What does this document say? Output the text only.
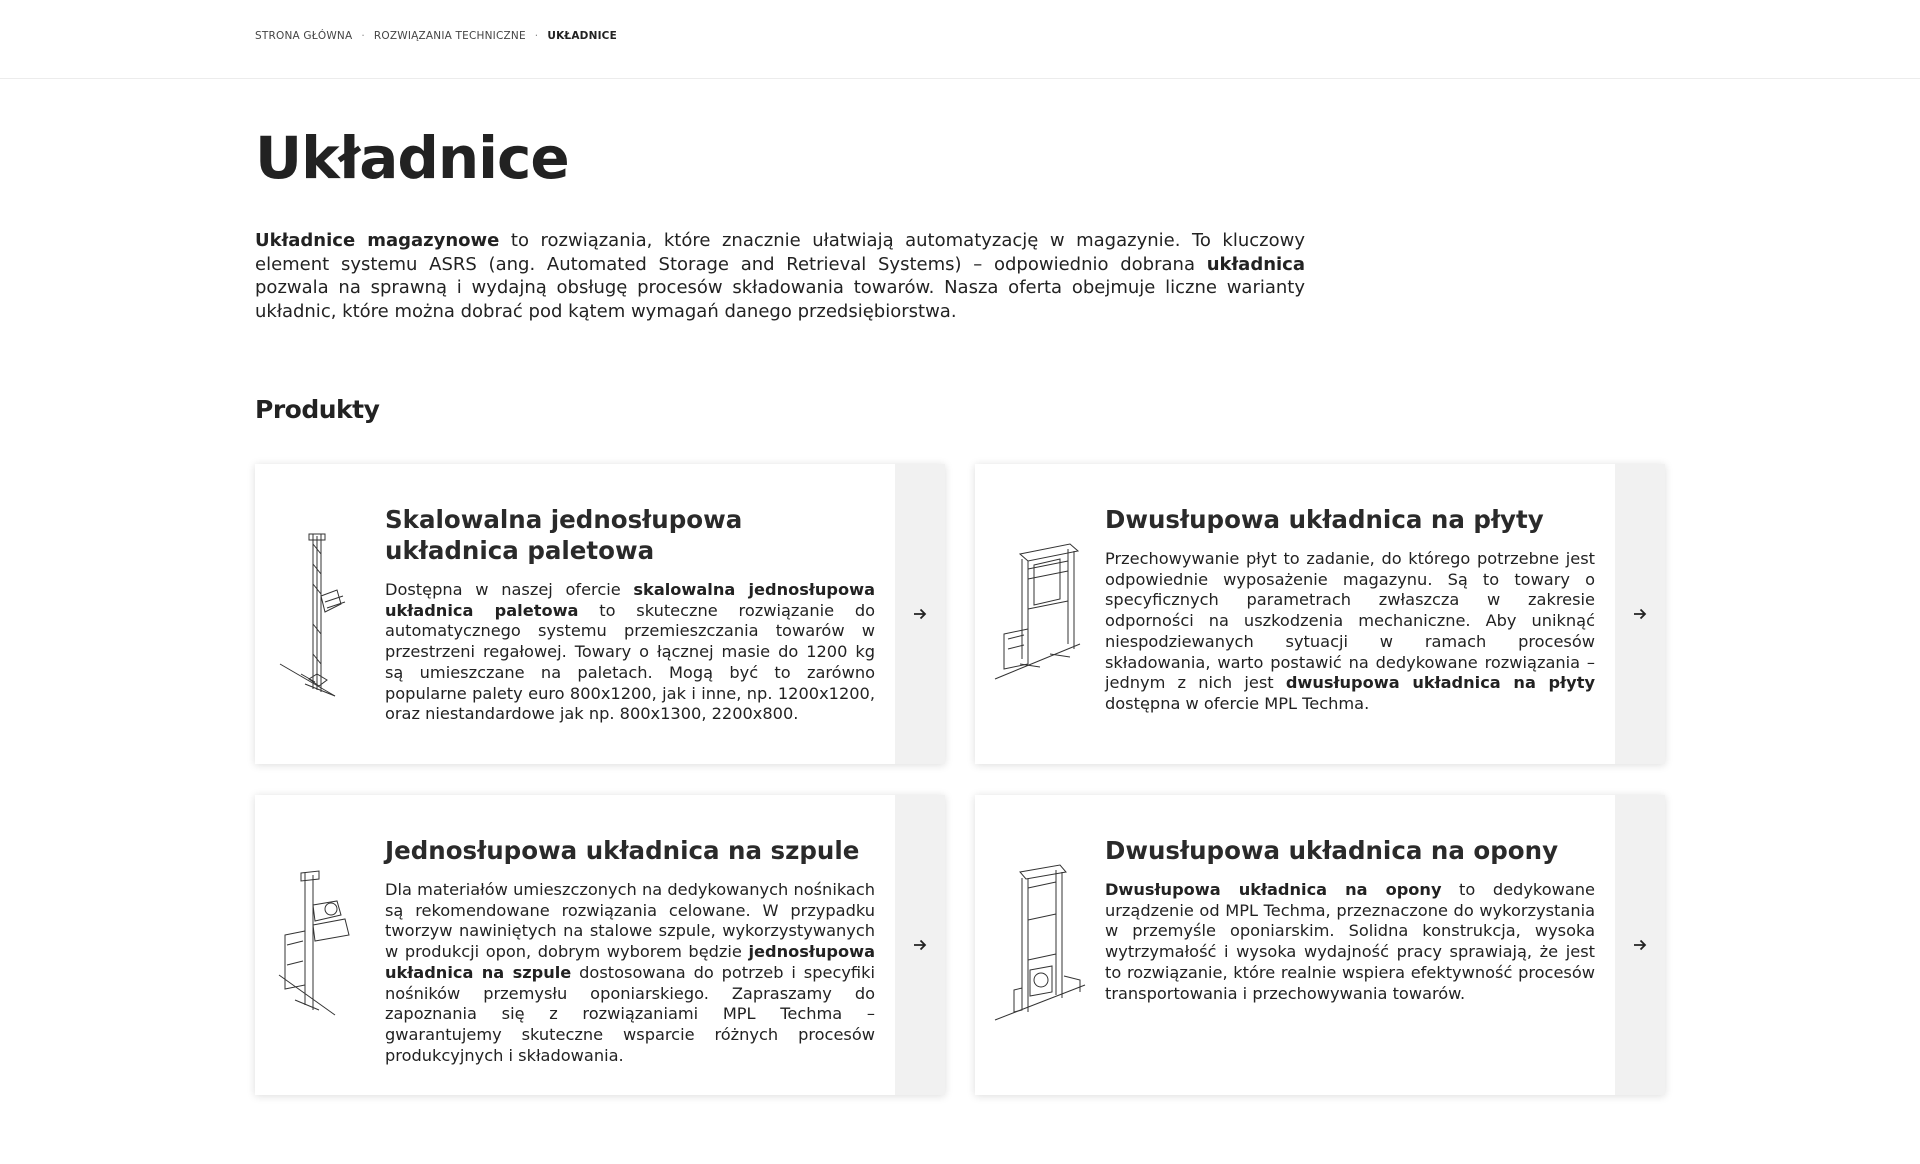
STRONA GŁÓWNA · ROZWIĄZANIA TECHNICZNE · UKŁADNICE
Układnice

Układnice magazynowe to rozwiązania, które znacznie ułatwiają automatyzację w magazynie. To kluczowy element systemu ASRS (ang. Automated Storage and Retrieval Systems) – odpowiednio dobrana układnica pozwala na sprawną i wydajną obsługę procesów składowania towarów. Nasza oferta obejmuje liczne warianty układnic, które można dobrać pod kątem wymagań danego przedsiębiorstwa.

Produkty
Skalowalna jednosłupowa układnica paletowa

Dostępna w naszej ofercie skalowalna jednosłupowa układnica paletowa to skuteczne rozwiązanie do automatycznego systemu przemieszczania towarów w przestrzeni regałowej. Towary o łącznej masie do 1200 kg są umieszczane na paletach. Mogą być to zarówno popularne palety euro 800x1200, jak i inne, np. 1200x1200, oraz niestandardowe jak np. 800x1300, 2200x800.

Dwusłupowa układnica na płyty

Przechowywanie płyt to zadanie, do którego potrzebne jest odpowiednie wyposażenie magazynu. Są to towary o specyficznych parametrach zwłaszcza w zakresie odporności na uszkodzenia mechaniczne. Aby uniknąć niespodziewanych sytuacji w ramach procesów składowania, warto postawić na dedykowane rozwiązania – jednym z nich jest dwusłupowa układnica na płyty dostępna w ofercie MPL Techma.

Jednosłupowa układnica na szpule

Dla materiałów umieszczonych na dedykowanych nośnikach są rekomendowane rozwiązania celowane. W przypadku tworzyw nawiniętych na stalowe szpule, wykorzystywanych w produkcji opon, dobrym wyborem będzie jednosłupowa układnica na szpule dostosowana do potrzeb i specyfiki nośników przemysłu oponiarskiego. Zapraszamy do zapoznania się z rozwiązaniami MPL Techma – gwarantujemy skuteczne wsparcie różnych procesów produkcyjnych i składowania.

Dwusłupowa układnica na opony

Dwusłupowa układnica na opony to dedykowane urządzenie od MPL Techma, przeznaczone do wykorzystania w przemyśle oponiarskim. Solidna konstrukcja, wysoka wytrzymałość i wysoka wydajność pracy sprawiają, że jest to rozwiązanie, które realnie wspiera efektywność procesów transportowania i przechowywania towarów.
